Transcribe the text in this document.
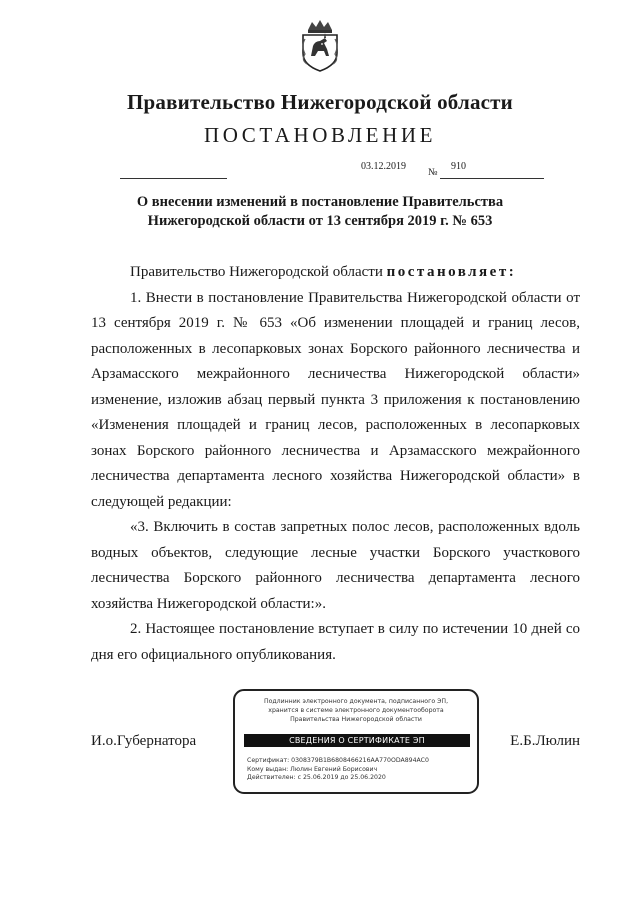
Правительство Нижегородской области
ПОСТАНОВЛЕНИЕ
03.12.2019
№
910
О внесении изменений в постановление Правительства
Нижегородской области от 13 сентября 2019 г. № 653

Правительство Нижегородской области постановляет:

1. Внести в постановление Правительства Нижегородской области от 13 сентября 2019 г. № 653 «Об изменении площадей и границ лесов, расположенных в лесопарковых зонах Борского районного лесничества и Арзамасского межрайонного лесничества Нижегородской области» изменение, изложив абзац первый пункта 3 приложения к постановлению «Изменения площадей и границ лесов, расположенных в лесопарковых зонах Борского районного лесничества и Арзамасского межрайонного лесничества департамента лесного хозяйства Нижегородской области» в следующей редакции:

«3. Включить в состав запретных полос лесов, расположенных вдоль водных объектов, следующие лесные участки Борского участкового лесничества Борского районного лесничества департамента лесного хозяйства Нижегородской области:».

2. Настоящее постановление вступает в силу по истечении 10 дней со дня его официального опубликования.

И.о.Губернатора	Е.Б.Люлин
Подлинник электронного документа, подписанного ЭП,
хранится в системе электронного документооборота
Правительства Нижегородской области
СВЕДЕНИЯ О СЕРТИФИКАТЕ ЭП
Сертификат: 0308379B1B6808466216AA770ODA894AC0
Кому выдан: Люлин Евгений Борисович
Действителен: с 25.06.2019 до 25.06.2020
